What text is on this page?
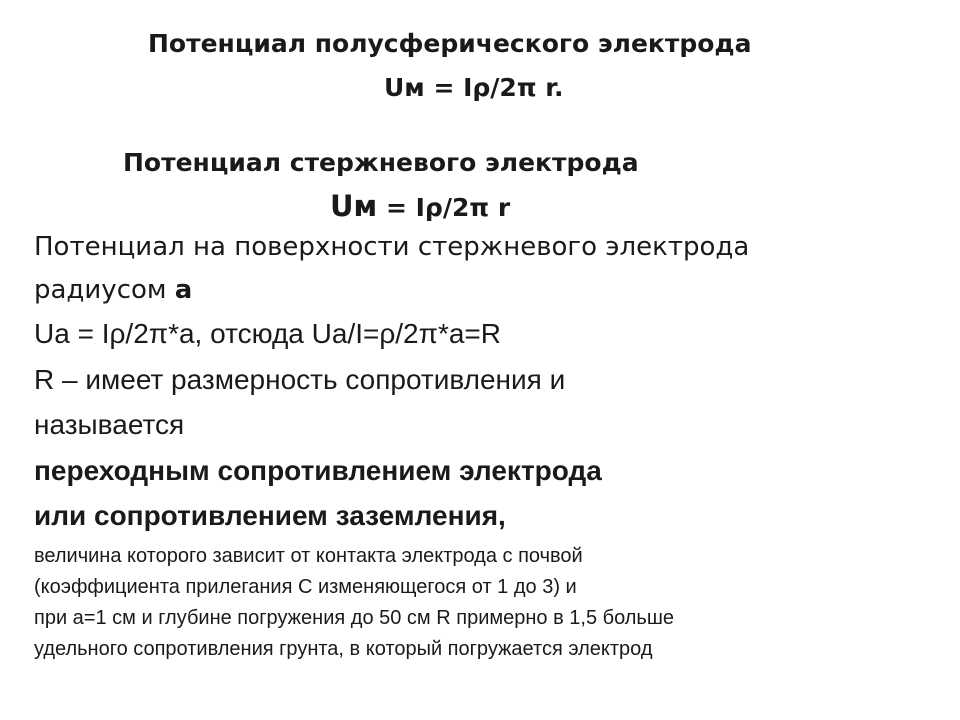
Потенциал полусферического электрода

Uм = Iρ/2π r.

Потенциал стержневого электрода

Uм = Iρ/2π r

Потенциал на поверхности стержневого электрода

радиусом a

Ua = Iρ/2π*a, отсюда Ua/I=ρ/2π*a=R

R – имеет размерность сопротивления и

называется

переходным сопротивлением электрода

или сопротивлением заземления,

величина которого зависит от контакта электрода с почвой

(коэффициента прилегания С изменяющегося от 1 до 3) и

при a=1 см и глубине погружения до 50 см R примерно в 1,5 больше

удельного сопротивления грунта, в который погружается электрод
